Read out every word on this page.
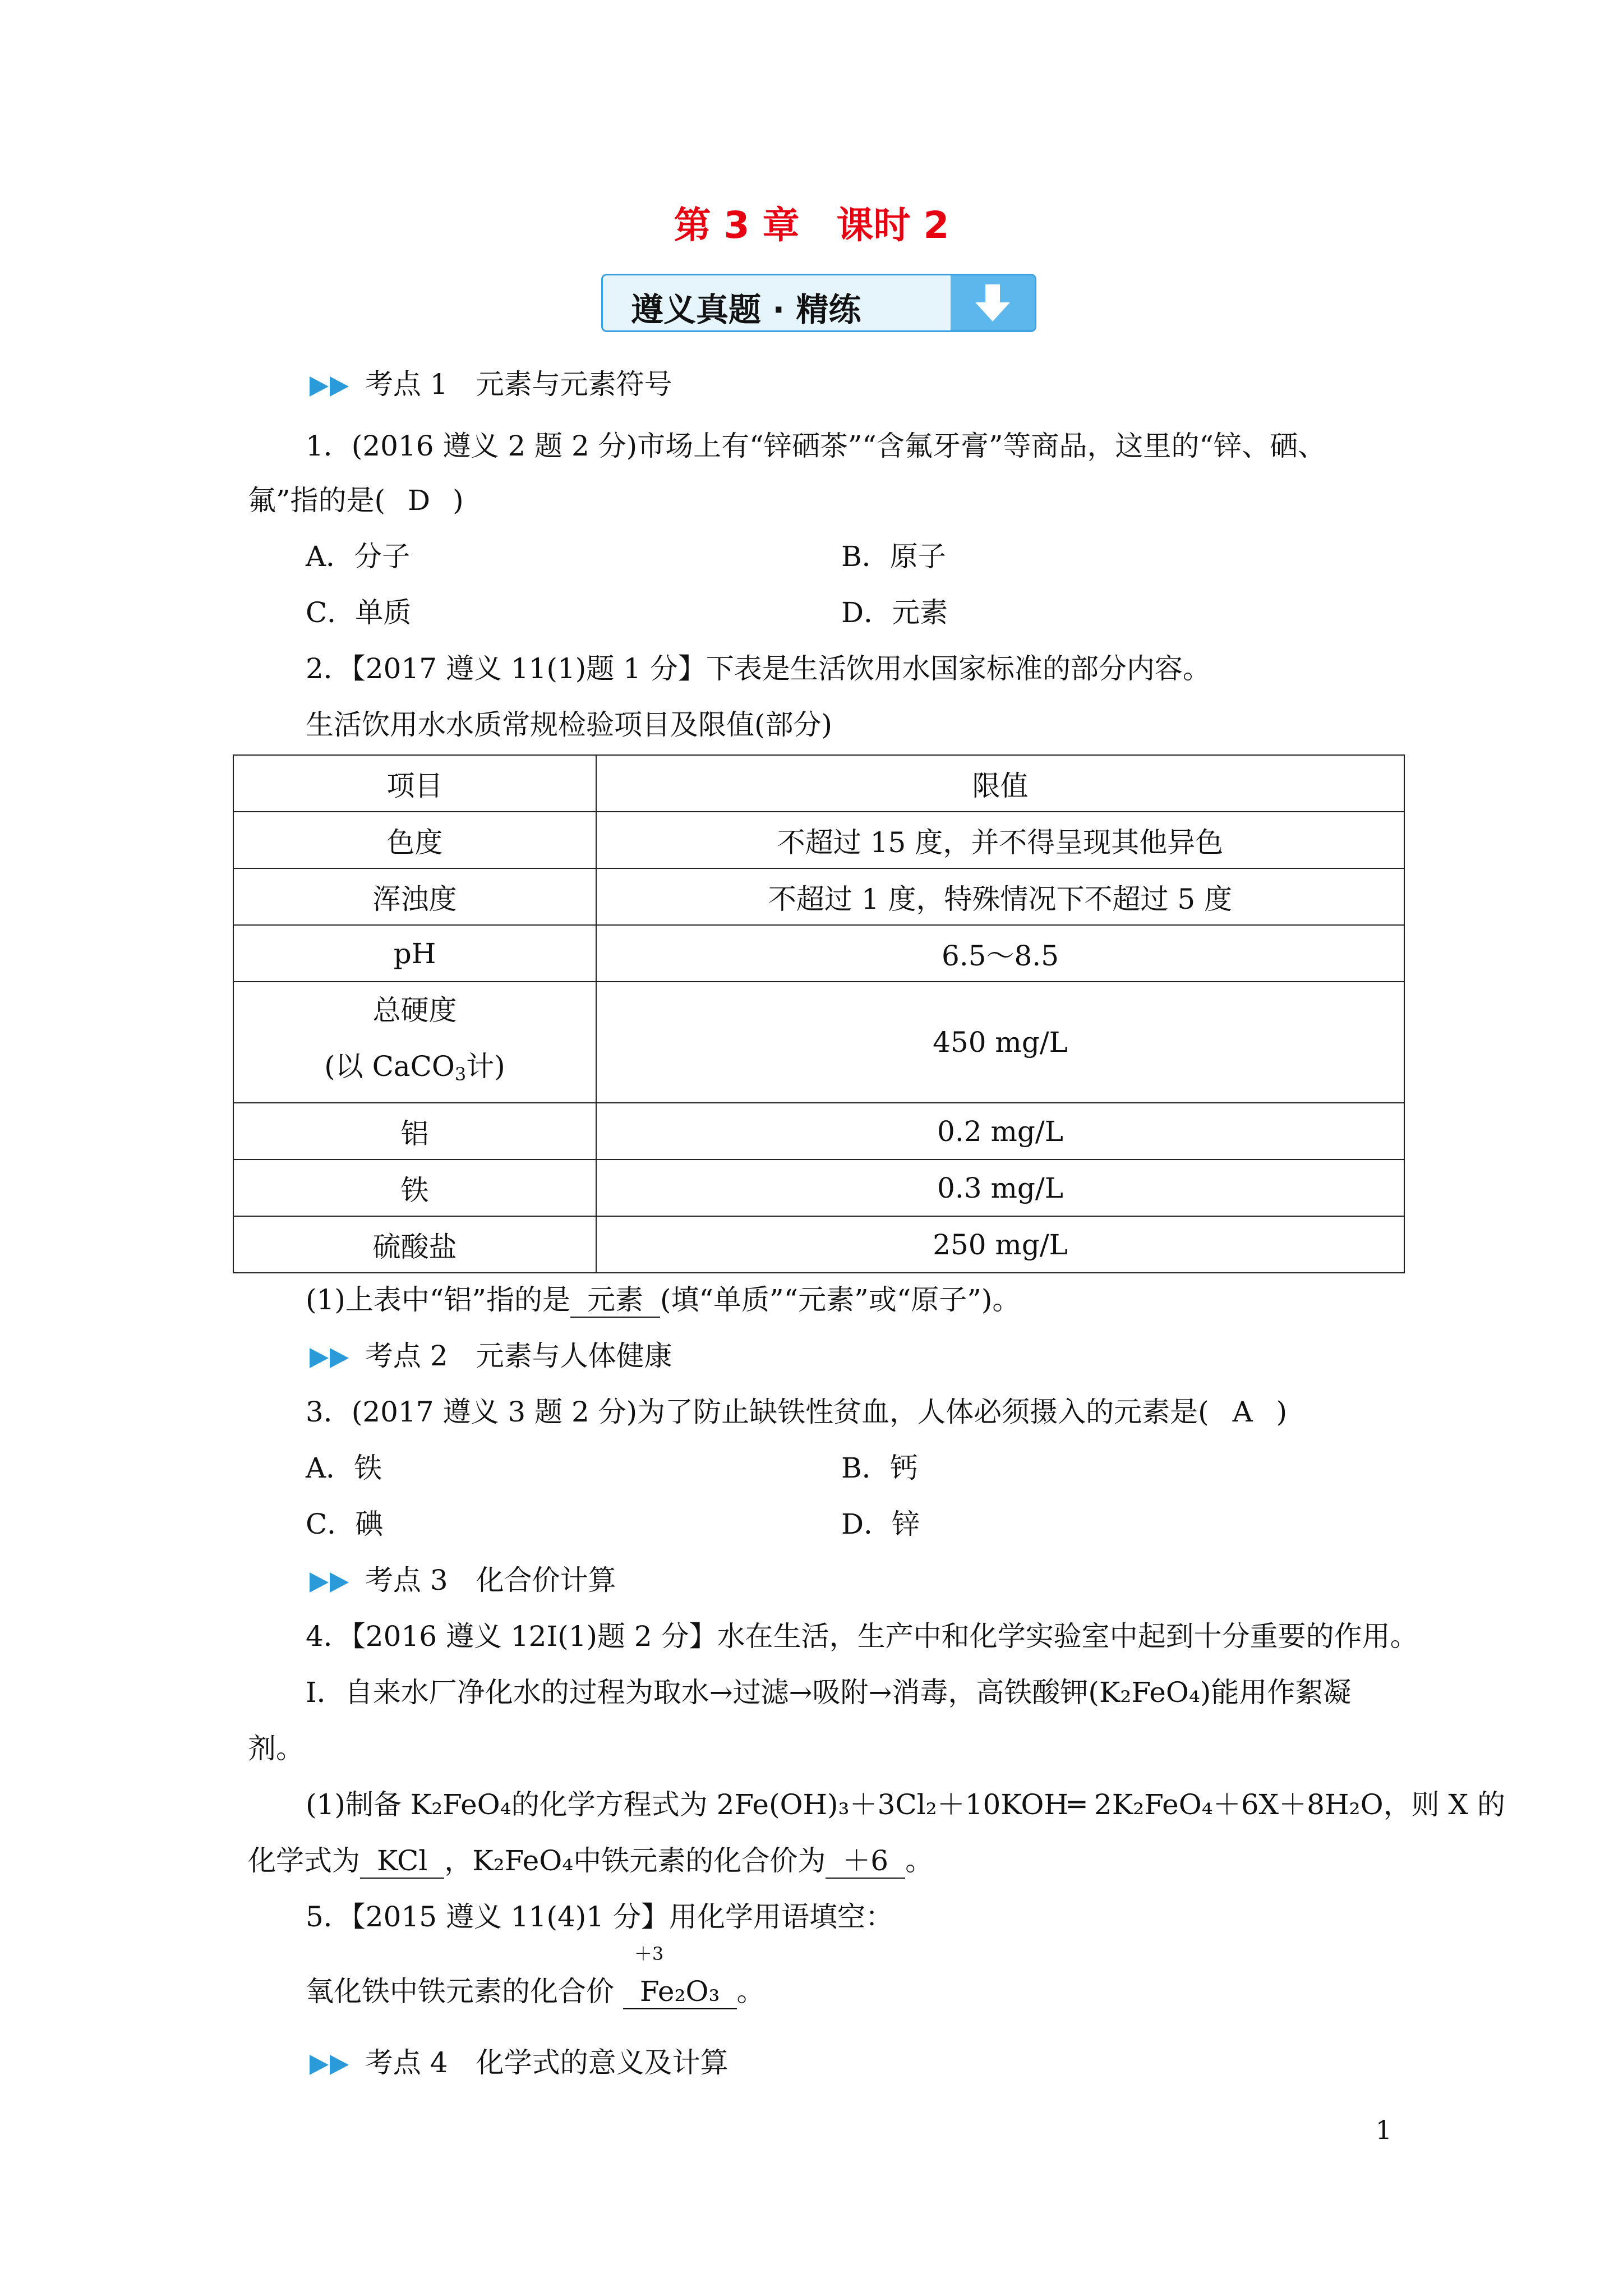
第 3 章　课时 2
遵义真题 · 精练
考点 1　元素与元素符号
1．(2016 遵义 2 题 2 分)市场上有“锌硒茶”“含氟牙膏”等商品，这里的“锌、硒、
氟”指的是( D )
A．分子	B．原子
C．单质	D．元素
2．【2017 遵义 11(1)题 1 分】下表是生活饮用水国家标准的部分内容。
生活饮用水水质常规检验项目及限值(部分)
项目	限值
色度	不超过 15 度，并不得呈现其他异色
浑浊度	不超过 1 度，特殊情况下不超过 5 度
pH	6.5～8.5

总硬度
(以 CaCO$_3$计)	450 mg/L
铝	0.2 mg/L
铁	0.3 mg/L
硫酸盐	250 mg/L
(1)上表中“铝”指的是 元素 (填“单质”“元素”或“原子”)。
考点 2　元素与人体健康
3．(2017 遵义 3 题 2 分)为了防止缺铁性贫血，人体必须摄入的元素是( A )
A．铁	B．钙
C．碘	D．锌
考点 3　化合价计算
4．【2016 遵义 12Ⅰ(1)题 2 分】水在生活，生产中和化学实验室中起到十分重要的作用。
Ⅰ．自来水厂净化水的过程为取水→过滤→吸附→消毒，高铁酸钾(K₂FeO₄)能用作絮凝
剂。
(1)制备 K₂FeO₄的化学方程式为 2Fe(OH)₃＋3Cl₂＋10KOH═ 2K₂FeO₄＋6X＋8H₂O，则 X 的
化学式为 KCl ，K₂FeO₄中铁元素的化合价为 ＋6 。
5．【2015 遵义 11(4)1 分】用化学用语填空：
氧化铁中铁元素的化合价
＋3
Fe₂O₃ 。
考点 4　化学式的意义及计算
1
